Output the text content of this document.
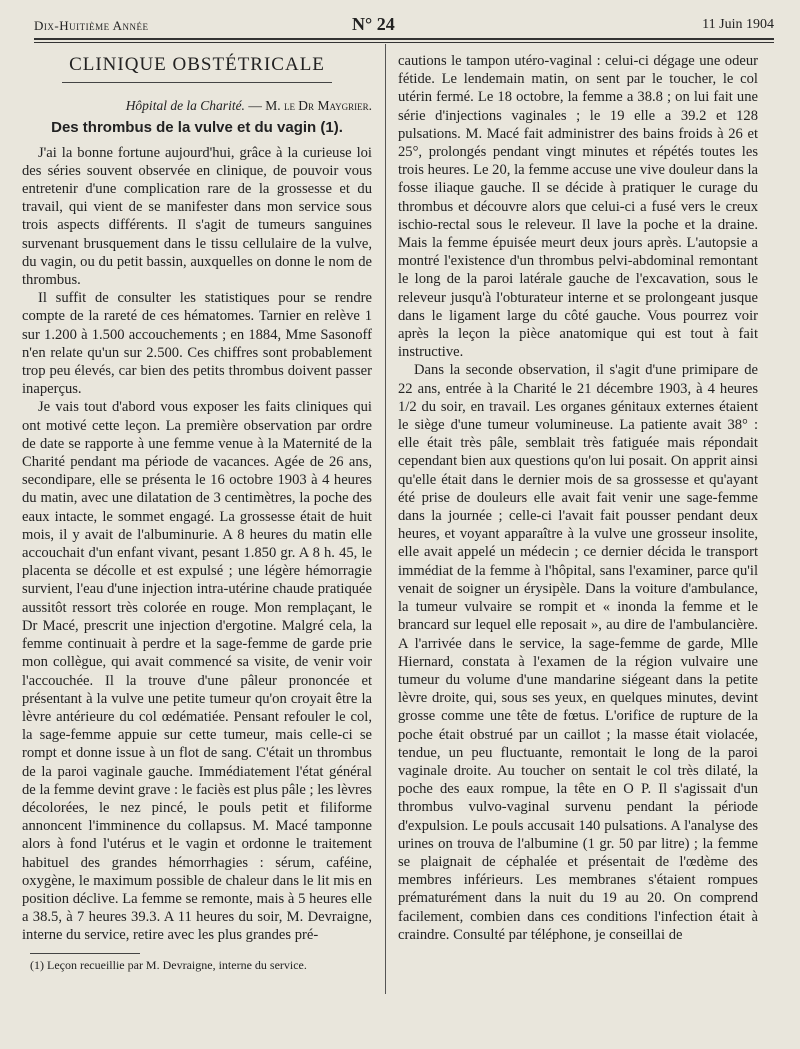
Dix-Huitième Année	N° 24	11 Juin 1904
CLINIQUE OBSTÉTRICALE
Hôpital de la Charité. — M. le Dr Maygrier.
Des thrombus de la vulve et du vagin (1).

J'ai la bonne fortune aujourd'hui, grâce à la curieuse loi des séries souvent observée en clinique, de pouvoir vous entretenir d'une complication rare de la grossesse et du travail, qui vient de se manifester dans mon service sous trois aspects différents. Il s'agit de tumeurs sanguines survenant brusquement dans le tissu cellulaire de la vulve, du vagin, ou du petit bassin, auxquelles on donne le nom de thrombus.

Il suffit de consulter les statistiques pour se rendre compte de la rareté de ces hématomes. Tarnier en relève 1 sur 1.200 à 1.500 accouchements ; en 1884, Mme Sasonoff n'en relate qu'un sur 2.500. Ces chiffres sont probablement trop peu élevés, car bien des petits thrombus doivent passer inaperçus.

Je vais tout d'abord vous exposer les faits cliniques qui ont motivé cette leçon. La première observation par ordre de date se rapporte à une femme venue à la Maternité de la Charité pendant ma période de vacances. Agée de 26 ans, secondipare, elle se présenta le 16 octobre 1903 à 4 heures du matin, avec une dilatation de 3 centimètres, la poche des eaux intacte, le sommet engagé. La grossesse était de huit mois, il y avait de l'albuminurie. A 8 heures du matin elle accouchait d'un enfant vivant, pesant 1.850 gr. A 8 h. 45, le placenta se décolle et est expulsé ; une légère hémorragie survient, l'eau d'une injection intra-utérine chaude pratiquée aussitôt ressort très colorée en rouge. Mon remplaçant, le Dr Macé, prescrit une injection d'ergotine. Malgré cela, la femme continuait à perdre et la sage-femme de garde prie mon collègue, qui avait commencé sa visite, de venir voir l'accouchée. Il la trouve d'une pâleur prononcée et présentant à la vulve une petite tumeur qu'on croyait être la lèvre antérieure du col œdématiée. Pensant refouler le col, la sage-femme appuie sur cette tumeur, mais celle-ci se rompt et donne issue à un flot de sang. C'était un thrombus de la paroi vaginale gauche. Immédiatement l'état général de la femme devint grave : le faciès est plus pâle ; les lèvres décolorées, le nez pincé, le pouls petit et filiforme annoncent l'imminence du collapsus. M. Macé tamponne alors à fond l'utérus et le vagin et ordonne le traitement habituel des grandes hémorrhagies : sérum, caféine, oxygène, le maximum possible de chaleur dans le lit mis en position déclive. La femme se remonte, mais à 5 heures elle a 38.5, à 7 heures 39.3. A 11 heures du soir, M. Devraigne, interne du service, retire avec les plus grandes pré-

(1) Leçon recueillie par M. Devraigne, interne du service.

cautions le tampon utéro-vaginal : celui-ci dégage une odeur fétide. Le lendemain matin, on sent par le toucher, le col utérin fermé. Le 18 octobre, la femme a 38.8 ; on lui fait une série d'injections vaginales ; le 19 elle a 39.2 et 128 pulsations. M. Macé fait administrer des bains froids à 26 et 25°, prolongés pendant vingt minutes et répétés toutes les trois heures. Le 20, la femme accuse une vive douleur dans la fosse iliaque gauche. Il se décide à pratiquer le curage du thrombus et découvre alors que celui-ci a fusé vers le creux ischio-rectal sous le releveur. Il lave la poche et la draine. Mais la femme épuisée meurt deux jours après. L'autopsie a montré l'existence d'un thrombus pelvi-abdominal remontant le long de la paroi latérale gauche de l'excavation, sous le releveur jusqu'à l'obturateur interne et se prolongeant jusque dans le ligament large du côté gauche. Vous pourrez voir après la leçon la pièce anatomique qui est tout à fait instructive.

Dans la seconde observation, il s'agit d'une primipare de 22 ans, entrée à la Charité le 21 décembre 1903, à 4 heures 1/2 du soir, en travail. Les organes génitaux externes étaient le siège d'une tumeur volumineuse. La patiente avait 38° : elle était très pâle, semblait très fatiguée mais répondait cependant bien aux questions qu'on lui posait. On apprit ainsi qu'elle était dans le dernier mois de sa grossesse et qu'ayant été prise de douleurs elle avait fait venir une sage-femme dans la journée ; celle-ci l'avait fait pousser pendant deux heures, et voyant apparaître à la vulve une grosseur insolite, elle avait appelé un médecin ; ce dernier décida le transport immédiat de la femme à l'hôpital, sans l'examiner, parce qu'il venait de soigner un érysipèle. Dans la voiture d'ambulance, la tumeur vulvaire se rompit et « inonda la femme et le brancard sur lequel elle reposait », au dire de l'ambulancière. A l'arrivée dans le service, la sage-femme de garde, Mlle Hiernard, constata à l'examen de la région vulvaire une tumeur du volume d'une mandarine siégeant dans la petite lèvre droite, qui, sous ses yeux, en quelques minutes, devint grosse comme une tête de fœtus. L'orifice de rupture de la poche était obstrué par un caillot ; la masse était violacée, tendue, un peu fluctuante, remontait le long de la paroi vaginale droite. Au toucher on sentait le col très dilaté, la poche des eaux rompue, la tête en O P. Il s'agissait d'un thrombus vulvo-vaginal survenu pendant la période d'expulsion. Le pouls accusait 140 pulsations. A l'analyse des urines on trouva de l'albumine (1 gr. 50 par litre) ; la femme se plaignait de céphalée et présentait de l'œdème des membres inférieurs. Les membranes s'étaient rompues prématurément dans la nuit du 19 au 20. On comprend facilement, combien dans ces conditions l'infection était à craindre. Consulté par téléphone, je conseillai de
